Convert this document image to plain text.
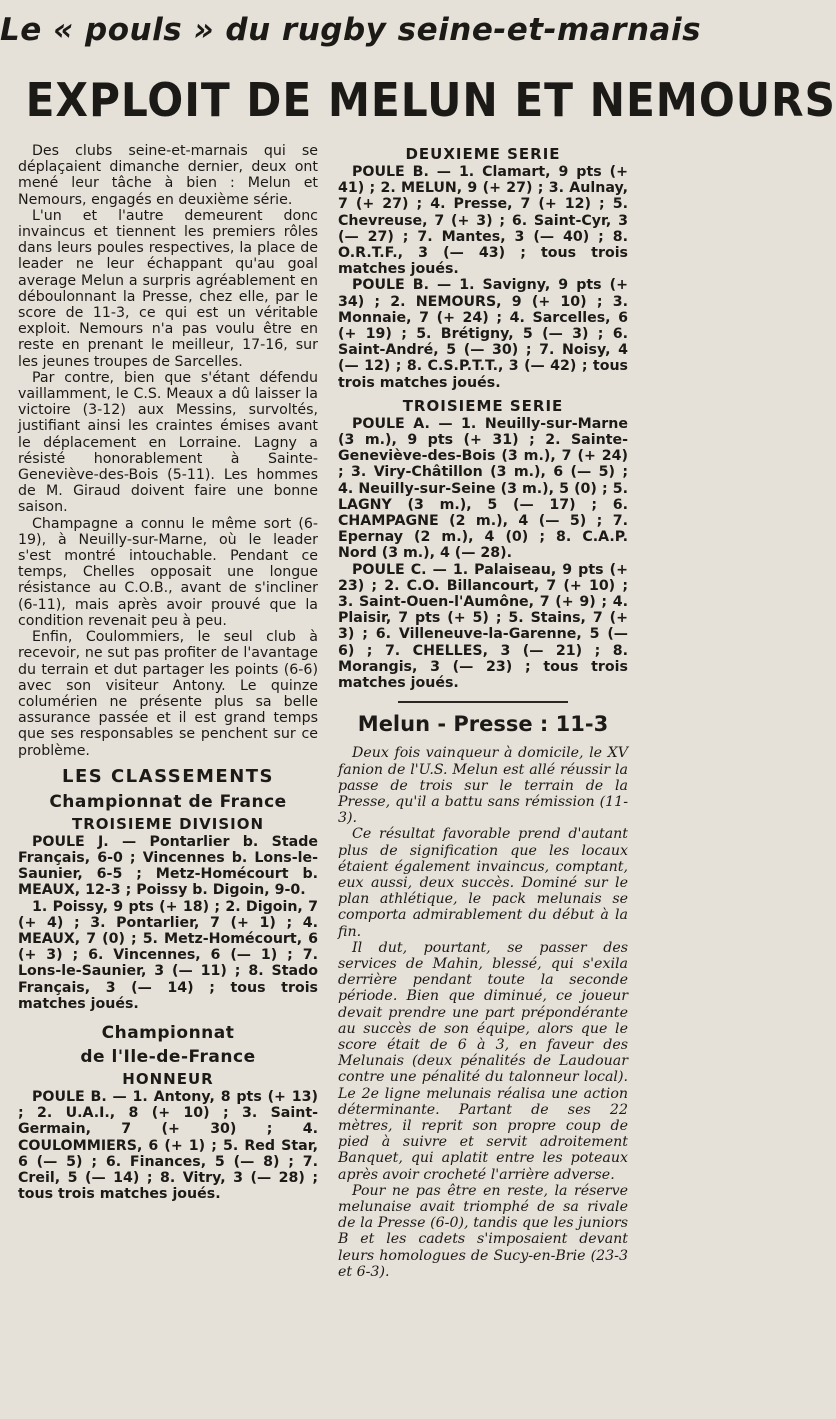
Le « pouls » du rugby seine-et-marnais
EXPLOIT DE MELUN ET NEMOURS

Des clubs seine-et-marnais qui se déplaçaient dimanche dernier, deux ont mené leur tâche à bien : Melun et Nemours, engagés en deuxième série.

L'un et l'autre demeurent donc invaincus et tiennent les premiers rôles dans leurs poules respectives, la place de leader ne leur échappant qu'au goal average Melun a surpris agréablement en déboulonnant la Presse, chez elle, par le score de 11-3, ce qui est un véritable exploit. Nemours n'a pas voulu être en reste en prenant le meilleur, 17-16, sur les jeunes troupes de Sarcelles.

Par contre, bien que s'étant défendu vaillamment, le C.S. Meaux a dû laisser la victoire (3-12) aux Messins, survoltés, justifiant ainsi les craintes émises avant le déplacement en Lorraine. Lagny a résisté honorablement à Sainte-Geneviève-des-Bois (5-11). Les hommes de M. Giraud doivent faire une bonne saison.

Champagne a connu le même sort (6-19), à Neuilly-sur-Marne, où le leader s'est montré intouchable. Pendant ce temps, Chelles opposait une longue résistance au C.O.B., avant de s'incliner (6-11), mais après avoir prouvé que la condition revenait peu à peu.

Enfin, Coulommiers, le seul club à recevoir, ne sut pas profiter de l'avantage du terrain et dut partager les points (6-6) avec son visiteur Antony. Le quinze columérien ne présente plus sa belle assurance passée et il est grand temps que ses responsables se penchent sur ce problème.

LES CLASSEMENTS
Championnat de France
TROISIEME DIVISION

POULE J. — Pontarlier b. Stade Français, 6-0 ; Vincennes b. Lons-le-Saunier, 6-5 ; Metz-Homécourt b. MEAUX, 12-3 ; Poissy b. Digoin, 9-0.

1. Poissy, 9 pts (+ 18) ; 2. Digoin, 7 (+ 4) ; 3. Pontarlier, 7 (+ 1) ; 4. MEAUX, 7 (0) ; 5. Metz-Homécourt, 6 (+ 3) ; 6. Vincennes, 6 (— 1) ; 7. Lons-le-Saunier, 3 (— 11) ; 8. Stado Français, 3 (— 14) ; tous trois matches joués.

Championnat
de l'Ile-de-France
HONNEUR

POULE B. — 1. Antony, 8 pts (+ 13) ; 2. U.A.I., 8 (+ 10) ; 3. Saint-Germain, 7 (+ 30) ; 4. COULOMMIERS, 6 (+ 1) ; 5. Red Star, 6 (— 5) ; 6. Finances, 5 (— 8) ; 7. Creil, 5 (— 14) ; 8. Vitry, 3 (— 28) ; tous trois matches joués.

DEUXIEME SERIE

POULE B. — 1. Clamart, 9 pts (+ 41) ; 2. MELUN, 9 (+ 27) ; 3. Aulnay, 7 (+ 27) ; 4. Presse, 7 (+ 12) ; 5. Chevreuse, 7 (+ 3) ; 6. Saint-Cyr, 3 (— 27) ; 7. Mantes, 3 (— 40) ; 8. O.R.T.F., 3 (— 43) ; tous trois matches joués.

POULE B. — 1. Savigny, 9 pts (+ 34) ; 2. NEMOURS, 9 (+ 10) ; 3. Monnaie, 7 (+ 24) ; 4. Sarcelles, 6 (+ 19) ; 5. Brétigny, 5 (— 3) ; 6. Saint-André, 5 (— 30) ; 7. Noisy, 4 (— 12) ; 8. C.S.P.T.T., 3 (— 42) ; tous trois matches joués.

TROISIEME SERIE

POULE A. — 1. Neuilly-sur-Marne (3 m.), 9 pts (+ 31) ; 2. Sainte-Geneviève-des-Bois (3 m.), 7 (+ 24) ; 3. Viry-Châtillon (3 m.), 6 (— 5) ; 4. Neuilly-sur-Seine (3 m.), 5 (0) ; 5. LAGNY (3 m.), 5 (— 17) ; 6. CHAMPAGNE (2 m.), 4 (— 5) ; 7. Epernay (2 m.), 4 (0) ; 8. C.A.P. Nord (3 m.), 4 (— 28).

POULE C. — 1. Palaiseau, 9 pts (+ 23) ; 2. C.O. Billancourt, 7 (+ 10) ; 3. Saint-Ouen-l'Aumône, 7 (+ 9) ; 4. Plaisir, 7 pts (+ 5) ; 5. Stains, 7 (+ 3) ; 6. Villeneuve-la-Garenne, 5 (—6) ; 7. CHELLES, 3 (— 21) ; 8. Morangis, 3 (— 23) ; tous trois matches joués.

Melun - Presse : 11-3

Deux fois vainqueur à domicile, le XV fanion de l'U.S. Melun est allé réussir la passe de trois sur le terrain de la Presse, qu'il a battu sans rémission (11-3).

Ce résultat favorable prend d'autant plus de signification que les locaux étaient également invaincus, comptant, eux aussi, deux succès. Dominé sur le plan athlétique, le pack melunais se comporta admirablement du début à la fin.

Il dut, pourtant, se passer des services de Mahin, blessé, qui s'exila derrière pendant toute la seconde période. Bien que diminué, ce joueur devait prendre une part prépondérante au succès de son équipe, alors que le score était de 6 à 3, en faveur des Melunais (deux pénalités de Laudouar contre une pénalité du talonneur local). Le 2e ligne melunais réalisa une action déterminante. Partant de ses 22 mètres, il reprit son propre coup de pied à suivre et servit adroitement Banquet, qui aplatit entre les poteaux après avoir crocheté l'arrière adverse.

Pour ne pas être en reste, la réserve melunaise avait triomphé de sa rivale de la Presse (6-0), tandis que les juniors B et les cadets s'imposaient devant leurs homologues de Sucy-en-Brie (23-3 et 6-3).
